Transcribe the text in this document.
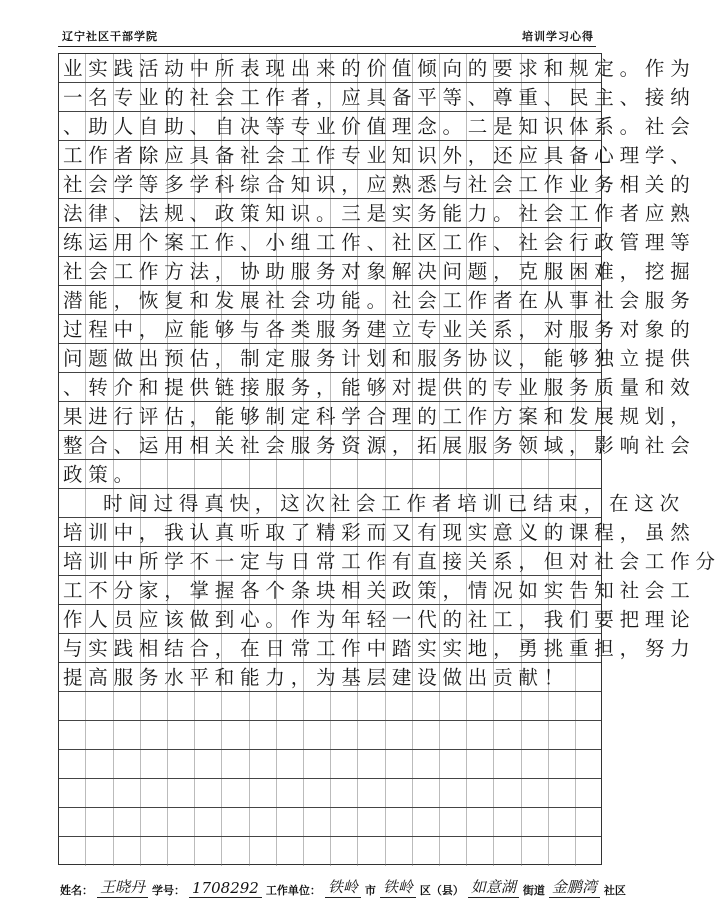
辽宁社区干部学院	培训学习心得
业实践活动中所表现出来的价值倾向的要求和规定。作为
一名专业的社会工作者，应具备平等、尊重、民主、接纳
、助人自助、自决等专业价值理念。二是知识体系。社会
工作者除应具备社会工作专业知识外，还应具备心理学、
社会学等多学科综合知识，应熟悉与社会工作业务相关的
法律、法规、政策知识。三是实务能力。社会工作者应熟
练运用个案工作、小组工作、社区工作、社会行政管理等
社会工作方法，协助服务对象解决问题，克服困难，挖掘
潜能，恢复和发展社会功能。社会工作者在从事社会服务
过程中，应能够与各类服务建立专业关系，对服务对象的
问题做出预估，制定服务计划和服务协议，能够独立提供
、转介和提供链接服务，能够对提供的专业服务质量和效
果进行评估，能够制定科学合理的工作方案和发展规划，
整合、运用相关社会服务资源，拓展服务领域，影响社会
政策。
时间过得真快，这次社会工作者培训已结束，在这次
培训中，我认真听取了精彩而又有现实意义的课程，虽然
培训中所学不一定与日常工作有直接关系，但对社会工作分
工不分家，掌握各个条块相关政策，情况如实告知社会工
作人员应该做到心。作为年轻一代的社工，我们要把理论
与实践相结合，在日常工作中踏实实地，勇挑重担，努力
提高服务水平和能力，为基层建设做出贡献！
姓名： 王晓丹 学号： 1708292 工作单位： 铁岭 市 铁岭 区（县） 如意湖 街道 金鹏湾 社区
